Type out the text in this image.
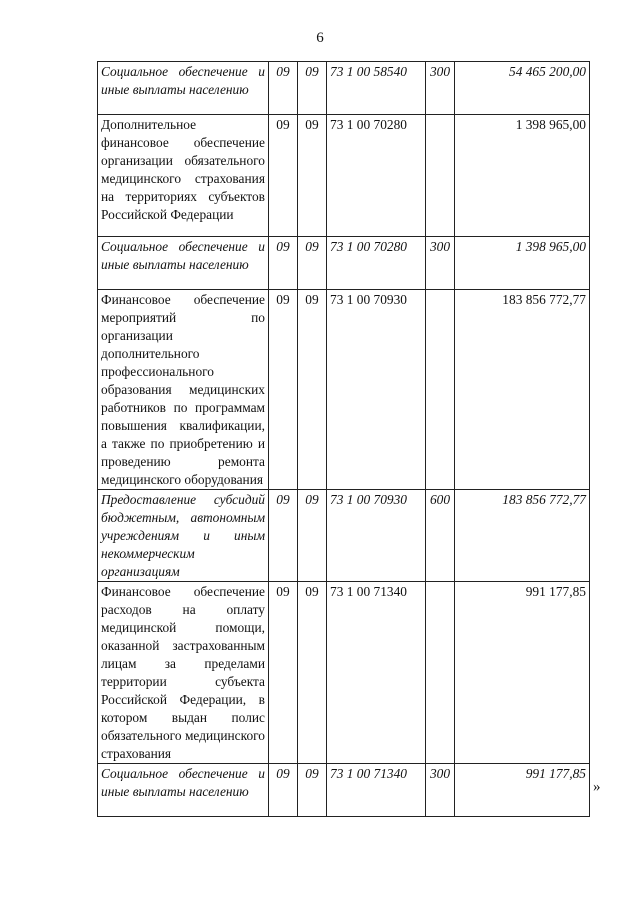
6
Социальное обеспечение и иные выплаты населению	09	09	73 1 00 58540	300	54 465 200,00
Дополнительное финансовое обеспечение организации обязательного медицинского страхования на территориях субъектов Российской Федерации	09	09	73 1 00 70280		1 398 965,00
Социальное обеспечение и иные выплаты населению	09	09	73 1 00 70280	300	1 398 965,00
Финансовое обеспечение мероприятий по организации дополнительного профессионального образования медицинских работников по программам повышения квалификации, а также по приобретению и проведению ремонта медицинского оборудования	09	09	73 1 00 70930		183 856 772,77
Предоставление субсидий бюджетным, автономным учреждениям и иным некоммерческим организациям	09	09	73 1 00 70930	600	183 856 772,77
Финансовое обеспечение расходов на оплату медицинской помощи, оказанной застрахованным лицам за пределами территории субъекта Российской Федерации, в котором выдан полис обязательного медицинского страхования	09	09	73 1 00 71340		991 177,85
Социальное обеспечение и иные выплаты населению	09	09	73 1 00 71340	300	991 177,85
»
